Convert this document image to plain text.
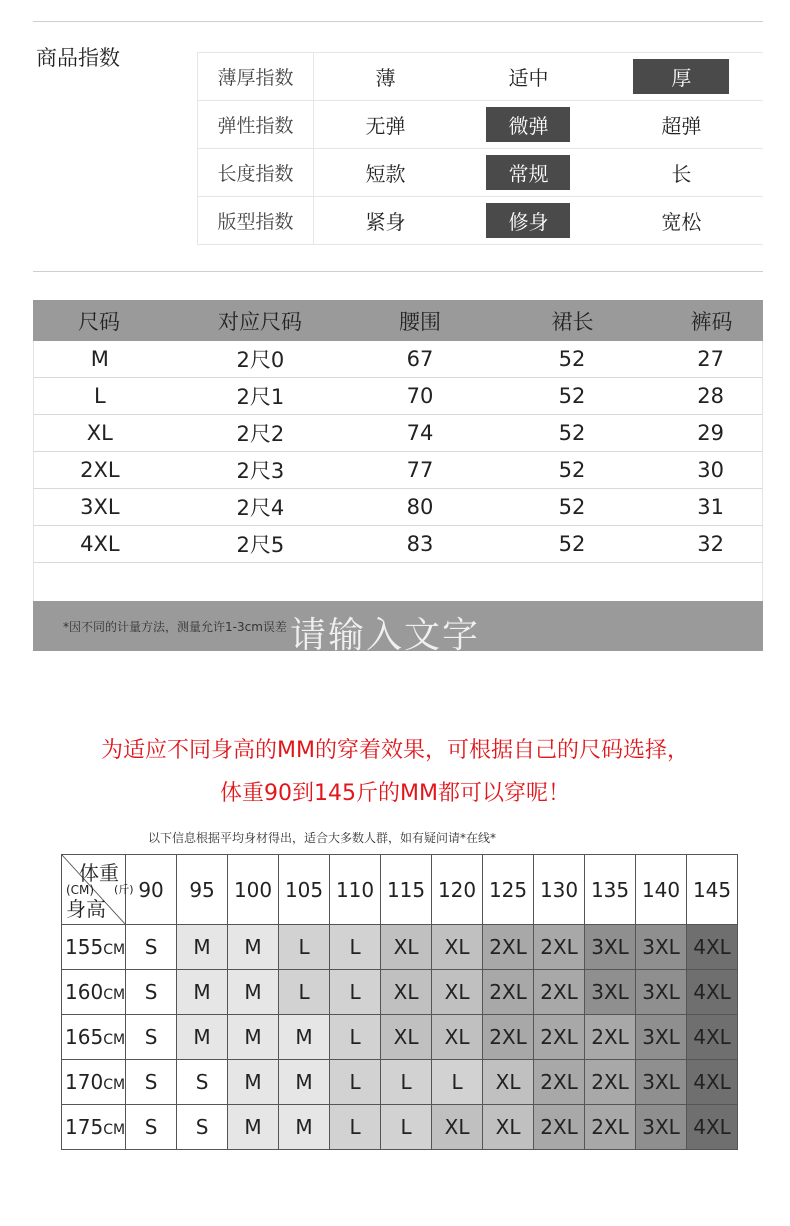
商品指数
薄厚指数	薄	适中	厚
弹性指数	无弹	微弹	超弹
长度指数	短款	常规	长
版型指数	紧身	修身	宽松
尺码	对应尺码	腰围	裙长	裤码
M	2尺0	67	52	27
L	2尺1	70	52	28
XL	2尺2	74	52	29
2XL	2尺3	77	52	30
3XL	2尺4	80	52	31
4XL	2尺5	83	52	32
*因不同的计量方法，测量允许1-3cm误差 请输入文字
为适应不同身高的MM的穿着效果，可根据自己的尺码选择，
体重90到145斤的MM都可以穿呢！
以下信息根据平均身材得出，适合大多数人群，如有疑问请*在线*
体重
(CM) (斤)
身高	90	95	100	105	110	115	120	125	130	135	140	145
155CM	S	M	M	L	L	XL	XL	2XL	2XL	3XL	3XL	4XL
160CM	S	M	M	L	L	XL	XL	2XL	2XL	3XL	3XL	4XL
165CM	S	M	M	M	L	XL	XL	2XL	2XL	2XL	3XL	4XL
170CM	S	S	M	M	L	L	L	XL	2XL	2XL	3XL	4XL
175CM	S	S	M	M	L	L	XL	XL	2XL	2XL	3XL	4XL
